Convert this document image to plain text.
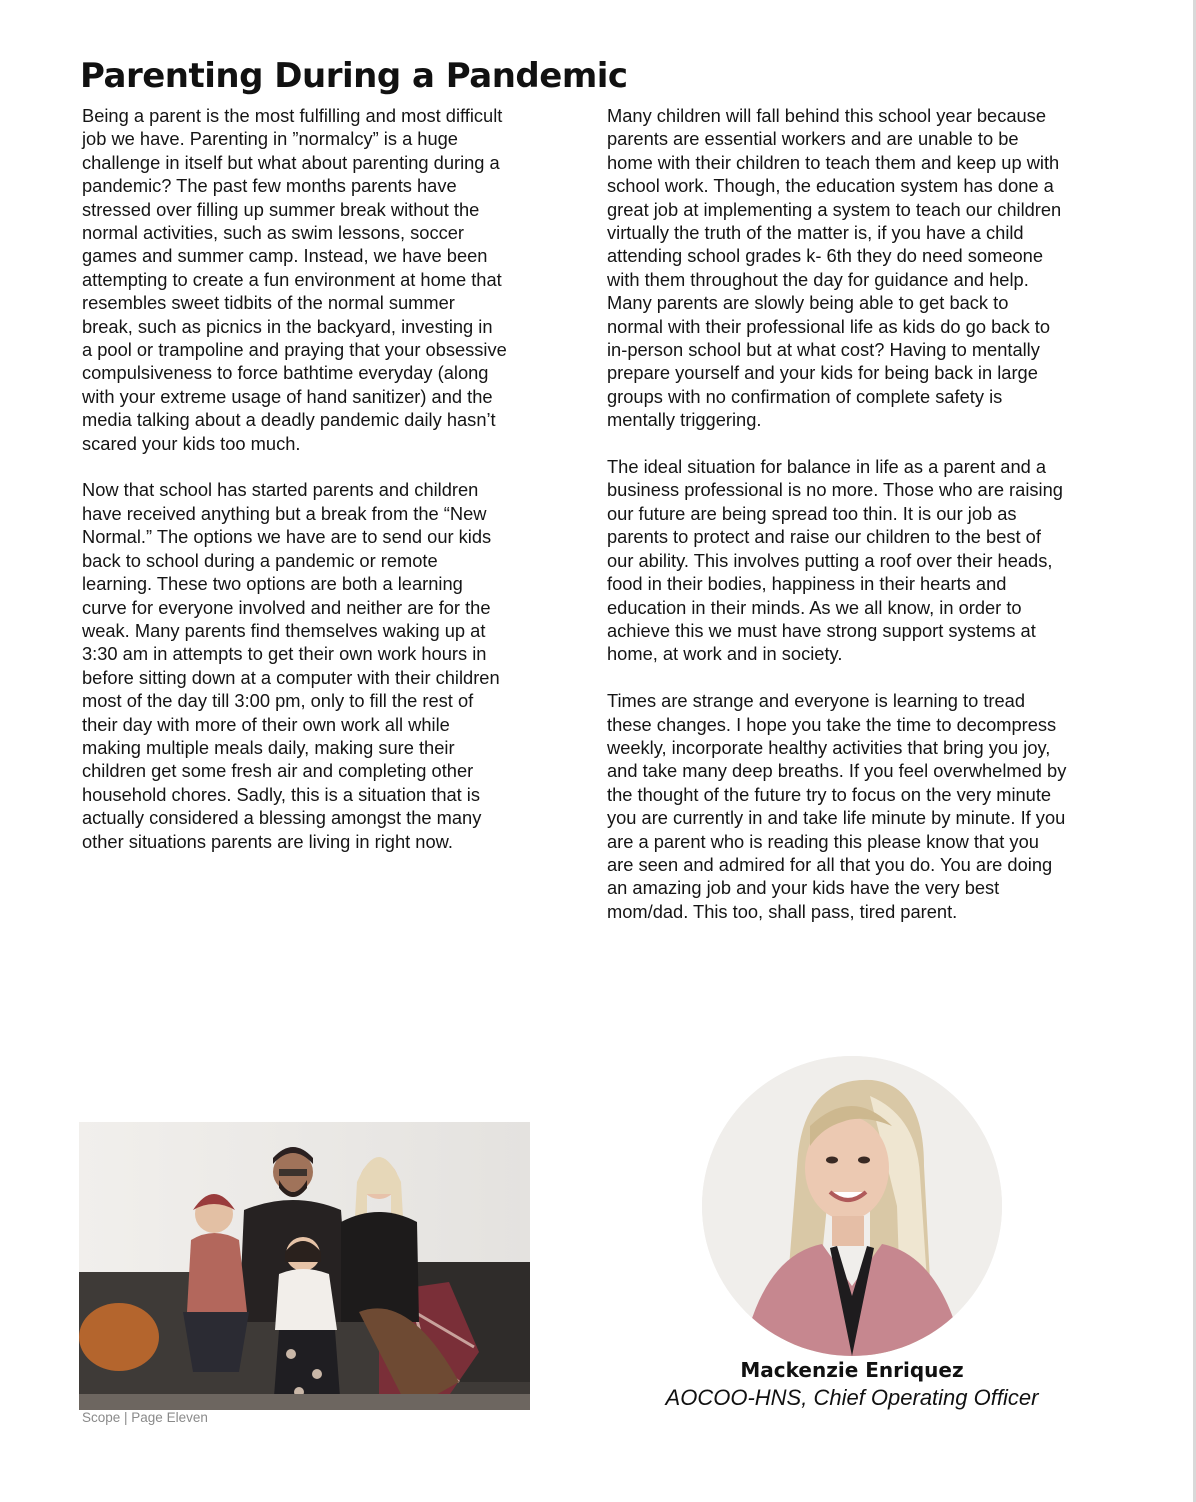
Parenting During a Pandemic

Being a parent is the most fulfilling and most difficult job we have. Parenting in ”normalcy” is a huge challenge in itself but what about parenting during a pandemic? The past few months parents have stressed over filling up summer break without the normal activities, such as swim lessons, soccer games and summer camp. Instead, we have been attempting to create a fun environment at home that resembles sweet tidbits of the normal summer break, such as picnics in the backyard, investing in a pool or trampoline and praying that your obsessive compulsiveness to force bathtime everyday (along with your extreme usage of hand sanitizer) and the media talking about a deadly pandemic daily hasn’t scared your kids too much.

Now that school has started parents and children have received anything but a break from the “New Normal.” The options we have are to send our kids back to school during a pandemic or remote learning. These two options are both a learning curve for everyone involved and neither are for the weak. Many parents find themselves waking up at 3:30 am in attempts to get their own work hours in before sitting down at a computer with their children most of the day till 3:00 pm, only to fill the rest of their day with more of their own work all while making multiple meals daily, making sure their children get some fresh air and completing other household chores. Sadly, this is a situation that is actually considered a blessing amongst the many other situations parents are living in right now.

Many children will fall behind this school year because parents are essential workers and are unable to be home with their children to teach them and keep up with school work. Though, the education system has done a great job at implementing a system to teach our children virtually the truth of the matter is, if you have a child attending school grades k- 6th they do need someone with them throughout the day for guidance and help. Many parents are slowly being able to get back to normal with their professional life as kids do go back to in-person school but at what cost? Having to mentally prepare yourself and your kids for being back in large groups with no confirmation of complete safety is mentally triggering.

The ideal situation for balance in life as a parent and a business professional is no more. Those who are raising our future are being spread too thin. It is our job as parents to protect and raise our children to the best of our ability. This involves putting a roof over their heads, food in their bodies, happiness in their hearts and education in their minds. As we all know, in order to achieve this we must have strong support systems at home, at work and in society.

Times are strange and everyone is learning to tread these changes. I hope you take the time to decompress weekly, incorporate healthy activities that bring you joy, and take many deep breaths. If you feel overwhelmed by the thought of the future try to focus on the very minute you are currently in and take life minute by minute. If you are a parent who is reading this please know that you are seen and admired for all that you do. You are doing an amazing job and your kids have the very best mom/dad. This too, shall pass, tired parent.

Scope | Page Eleven
Mackenzie Enriquez
AOCOO-HNS, Chief Operating Officer
